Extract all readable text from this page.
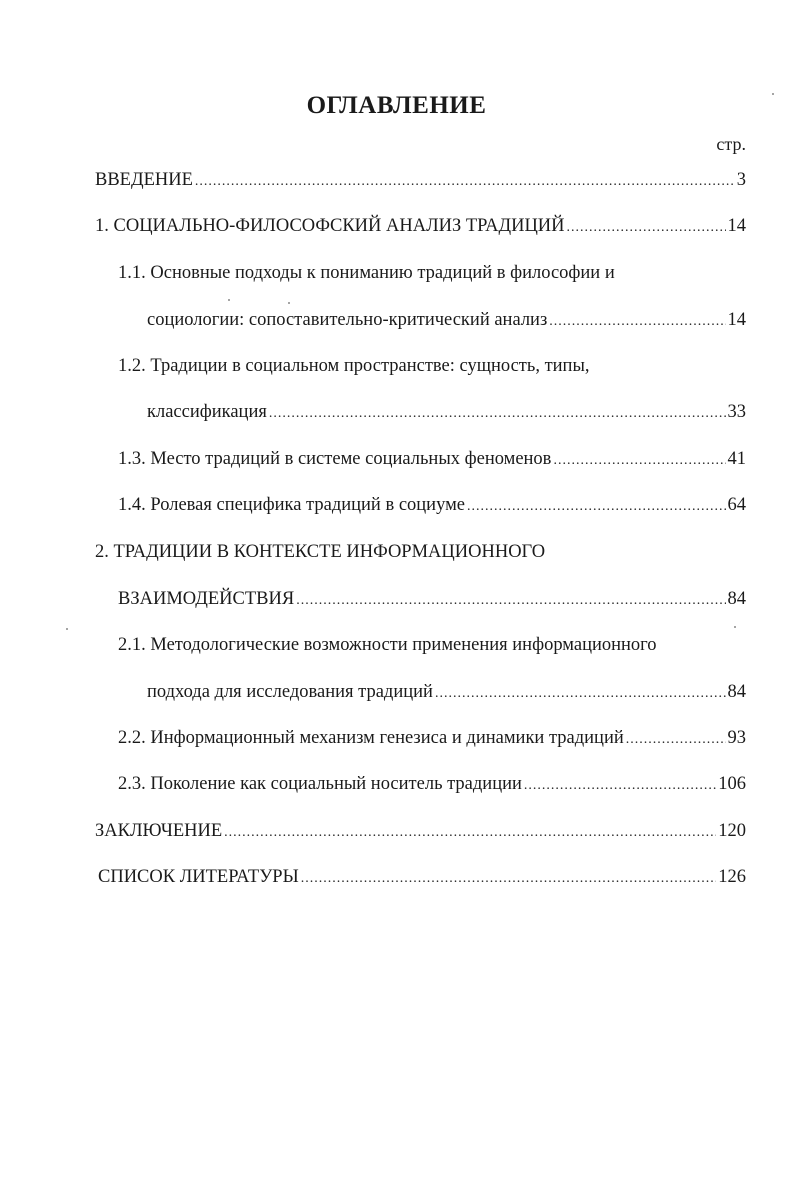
ОГЛАВЛЕНИЕ
стр.
ВВЕДЕНИЕ .....	3
1. СОЦИАЛЬНО-ФИЛОСОФСКИЙ АНАЛИЗ ТРАДИЦИЙ .....	14
1.1. Основные подходы к пониманию традиций в философии и
социологии: сопоставительно-критический анализ .....	14
1.2. Традиции в социальном пространстве: сущность, типы,
классификация .....	33
1.3. Место традиций в системе социальных феноменов .....	41
1.4. Ролевая специфика традиций в социуме .....	64
2. ТРАДИЦИИ В КОНТЕКСТЕ ИНФОРМАЦИОННОГО
ВЗАИМОДЕЙСТВИЯ .....	84
2.1. Методологические возможности применения информационного
подхода для исследования традиций .....	84
2.2. Информационный механизм генезиса и динамики традиций .....	93
2.3. Поколение как социальный носитель традиции .....	106
ЗАКЛЮЧЕНИЕ .....	120
СПИСОК ЛИТЕРАТУРЫ .....	126
